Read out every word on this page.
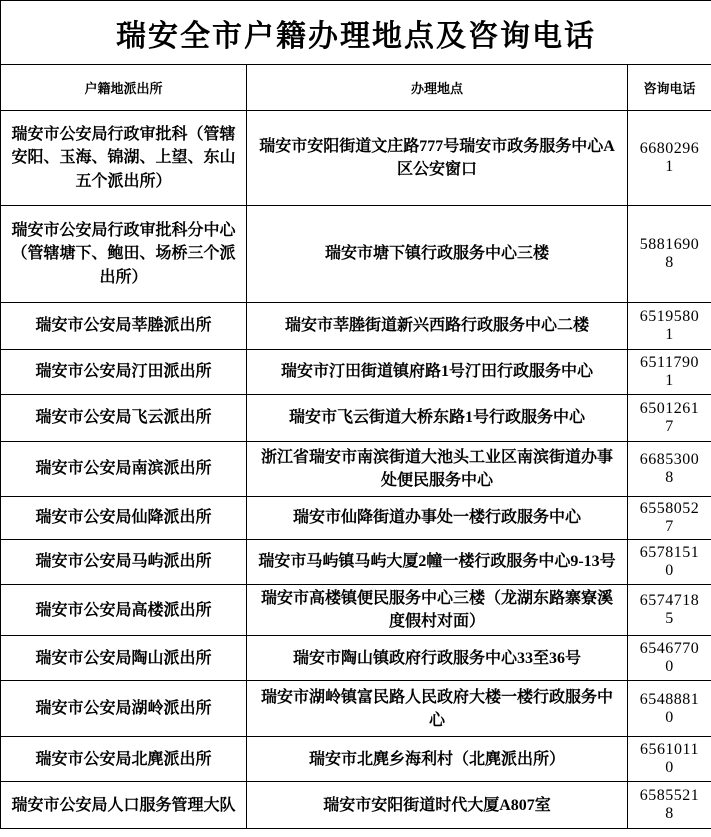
瑞安全市户籍办理地点及咨询电话		
户籍地派出所	办理地点	咨询电话
瑞安市公安局行政审批科（管辖安阳、玉海、锦湖、上望、东山五个派出所）	瑞安市安阳街道文庄路777号瑞安市政务服务中心A区公安窗口	66802961
瑞安市公安局行政审批科分中心（管辖塘下、鲍田、场桥三个派出所）	瑞安市塘下镇行政服务中心三楼	58816908
瑞安市公安局莘塍派出所	瑞安市莘塍街道新兴西路行政服务中心二楼	65195801
瑞安市公安局汀田派出所	瑞安市汀田街道镇府路1号汀田行政服务中心	65117901
瑞安市公安局飞云派出所	瑞安市飞云街道大桥东路1号行政服务中心	65012617
瑞安市公安局南滨派出所	浙江省瑞安市南滨街道大池头工业区南滨街道办事处便民服务中心	66853008
瑞安市公安局仙降派出所	瑞安市仙降街道办事处一楼行政服务中心	65580527
瑞安市公安局马屿派出所	瑞安市马屿镇马屿大厦2幢一楼行政服务中心9-13号	65781510
瑞安市公安局高楼派出所	瑞安市高楼镇便民服务中心三楼（龙湖东路寨寮溪度假村对面）	65747185
瑞安市公安局陶山派出所	瑞安市陶山镇政府行政服务中心33至36号	65467700
瑞安市公安局湖岭派出所	瑞安市湖岭镇富民路人民政府大楼一楼行政服务中心	65488810
瑞安市公安局北麂派出所	瑞安市北麂乡海利村（北麂派出所）	65610110
瑞安市公安局人口服务管理大队	瑞安市安阳街道时代大厦A807室	65855218
